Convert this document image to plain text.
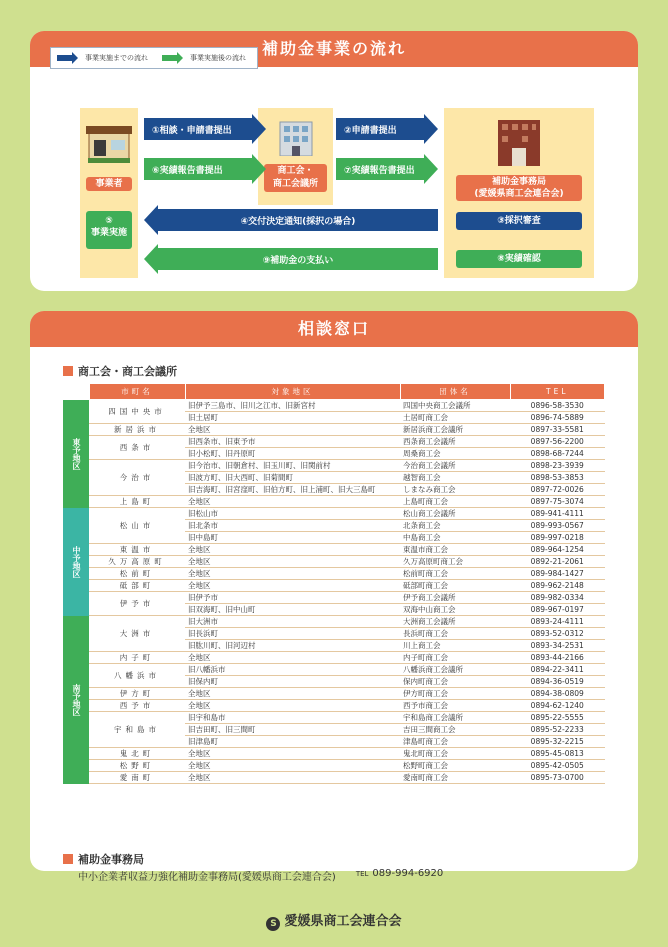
補助金事業の流れ
事業実施までの流れ	事業実施後の流れ
事業者
⑤
事業実施
商工会・
商工会議所	補助金事務局
(愛媛県商工会連合会)
③採択審査
⑧実績確認
①相談・申請書提出
⑥実績報告書提出
②申請書提出
⑦実績報告書提出
④交付決定通知(採択の場合)
⑨補助金の支払い
相談窓口
商工会・商工会議所
	市町名	対象地区	団体名	TEL
東予地区	四国中央市	旧伊予三島市、旧川之江市、旧新宮村	四国中央商工会議所	0896-58-3530
		旧土居町	土居町商工会	0896-74-5889
	新居浜市	全地区	新居浜商工会議所	0897-33-5581
	西条市	旧西条市、旧東予市	西条商工会議所	0897-56-2200
		旧小松町、旧丹原町	周桑商工会	0898-68-7244
	今治市	旧今治市、旧朝倉村、旧玉川町、旧関前村	今治商工会議所	0898-23-3939
		旧波方町、旧大西町、旧菊間町	越智商工会	0898-53-3853
		旧吉海町、旧宮窪町、旧伯方町、旧上浦町、旧大三島町	しまなみ商工会	0897-72-0026
	上島町	全地区	上島町商工会	0897-75-3074
中予地区	松山市	旧松山市	松山商工会議所	089-941-4111
		旧北条市	北条商工会	089-993-0567
		旧中島町	中島商工会	089-997-0218
	東温市	全地区	東温市商工会	089-964-1254
	久万高原町	全地区	久万高原町商工会	0892-21-2061
	松前町	全地区	松前町商工会	089-984-1427
	砥部町	全地区	砥部町商工会	089-962-2148
	伊予市	旧伊予市	伊予商工会議所	089-982-0334
		旧双海町、旧中山町	双海中山商工会	089-967-0197
南予地区	大洲市	旧大洲市	大洲商工会議所	0893-24-4111
		旧長浜町	長浜町商工会	0893-52-0312
		旧肱川町、旧河辺村	川上商工会	0893-34-2531
	内子町	全地区	内子町商工会	0893-44-2166
	八幡浜市	旧八幡浜市	八幡浜商工会議所	0894-22-3411
		旧保内町	保内町商工会	0894-36-0519
	伊方町	全地区	伊方町商工会	0894-38-0809
	西予市	全地区	西予市商工会	0894-62-1240
	宇和島市	旧宇和島市	宇和島商工会議所	0895-22-5555
		旧吉田町、旧三間町	吉田三間商工会	0895-52-2233
		旧津島町	津島町商工会	0895-32-2215
	鬼北町	全地区	鬼北町商工会	0895-45-0813
	松野町	全地区	松野町商工会	0895-42-0505
	愛南町	全地区	愛南町商工会	0895-73-0700
補助金事務局
中小企業者収益力強化補助金事務局(愛媛県商工会連合会)	TEL 089-994-6920
S 愛媛県商工会連合会
